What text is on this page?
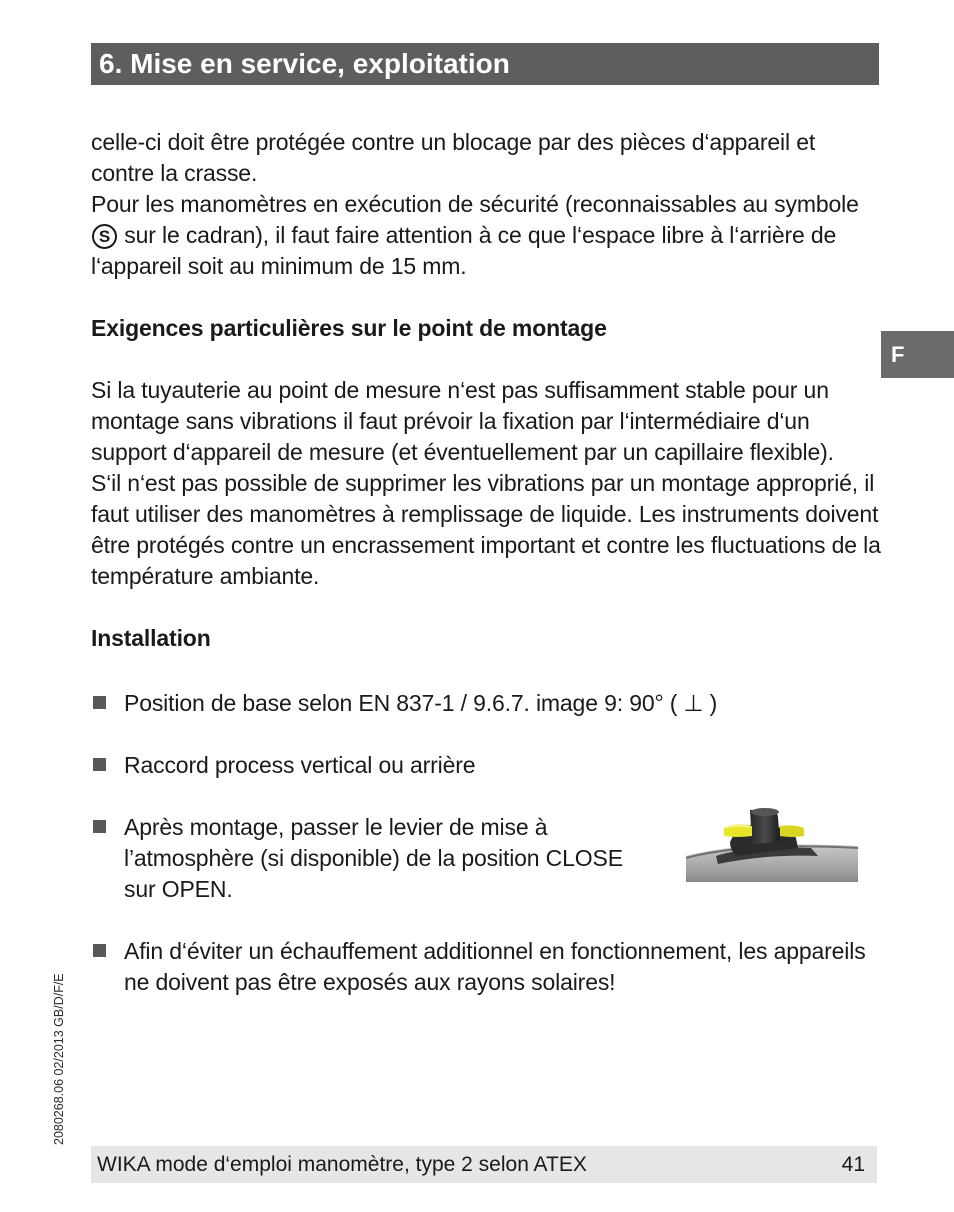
6. Mise en service, exploitation
F

celle-ci doit être protégée contre un blocage par des pièces d‘appareil et contre la crasse.

Pour les manomètres en exécution de sécurité (reconnaissables au symbole S sur le cadran), il faut faire attention à ce que l‘espace libre à l‘arrière de l‘appareil soit au minimum de 15 mm.

Exigences particulières sur le point de montage

Si la tuyauterie au point de mesure n‘est pas suffisamment stable pour un montage sans vibrations il faut prévoir la fixation par l‘intermédiaire d‘un support d‘appareil de mesure (et éventuellement par un capillaire flexible).

S‘il n‘est pas possible de supprimer les vibrations par un montage approprié, il faut utiliser des manomètres à remplissage de liquide. Les instruments doivent être protégés contre un encrassement important et contre les fluctuations de la température ambiante.

Installation

Position de base selon EN 837-1 / 9.6.7. image 9: 90° ( ⊥ )
Raccord process vertical ou arrière
Après montage, passer le levier de mise à l’atmosphère (si disponible) de la position CLOSE sur OPEN.
Afin d‘éviter un échauffement additionnel en fonctionnement, les appareils ne doivent pas être exposés aux rayons solaires!
2080268.06 02/2013 GB/D/F/E
WIKA mode d‘emploi manomètre, type 2 selon ATEX	41
